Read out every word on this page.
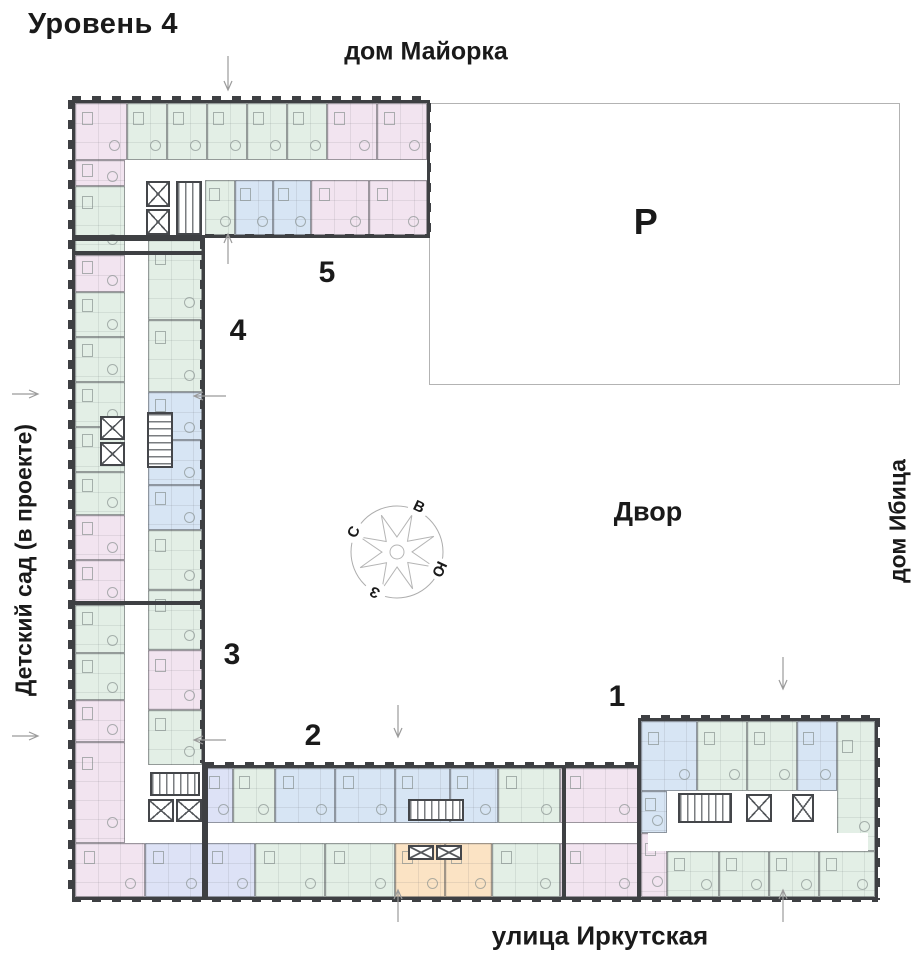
Уровень 4
дом Майорка
Р
5
4
3
2
1
Двор	дом Ибица
Детский сад (в проекте)
улица Иркутская
С
В
Ю
З
